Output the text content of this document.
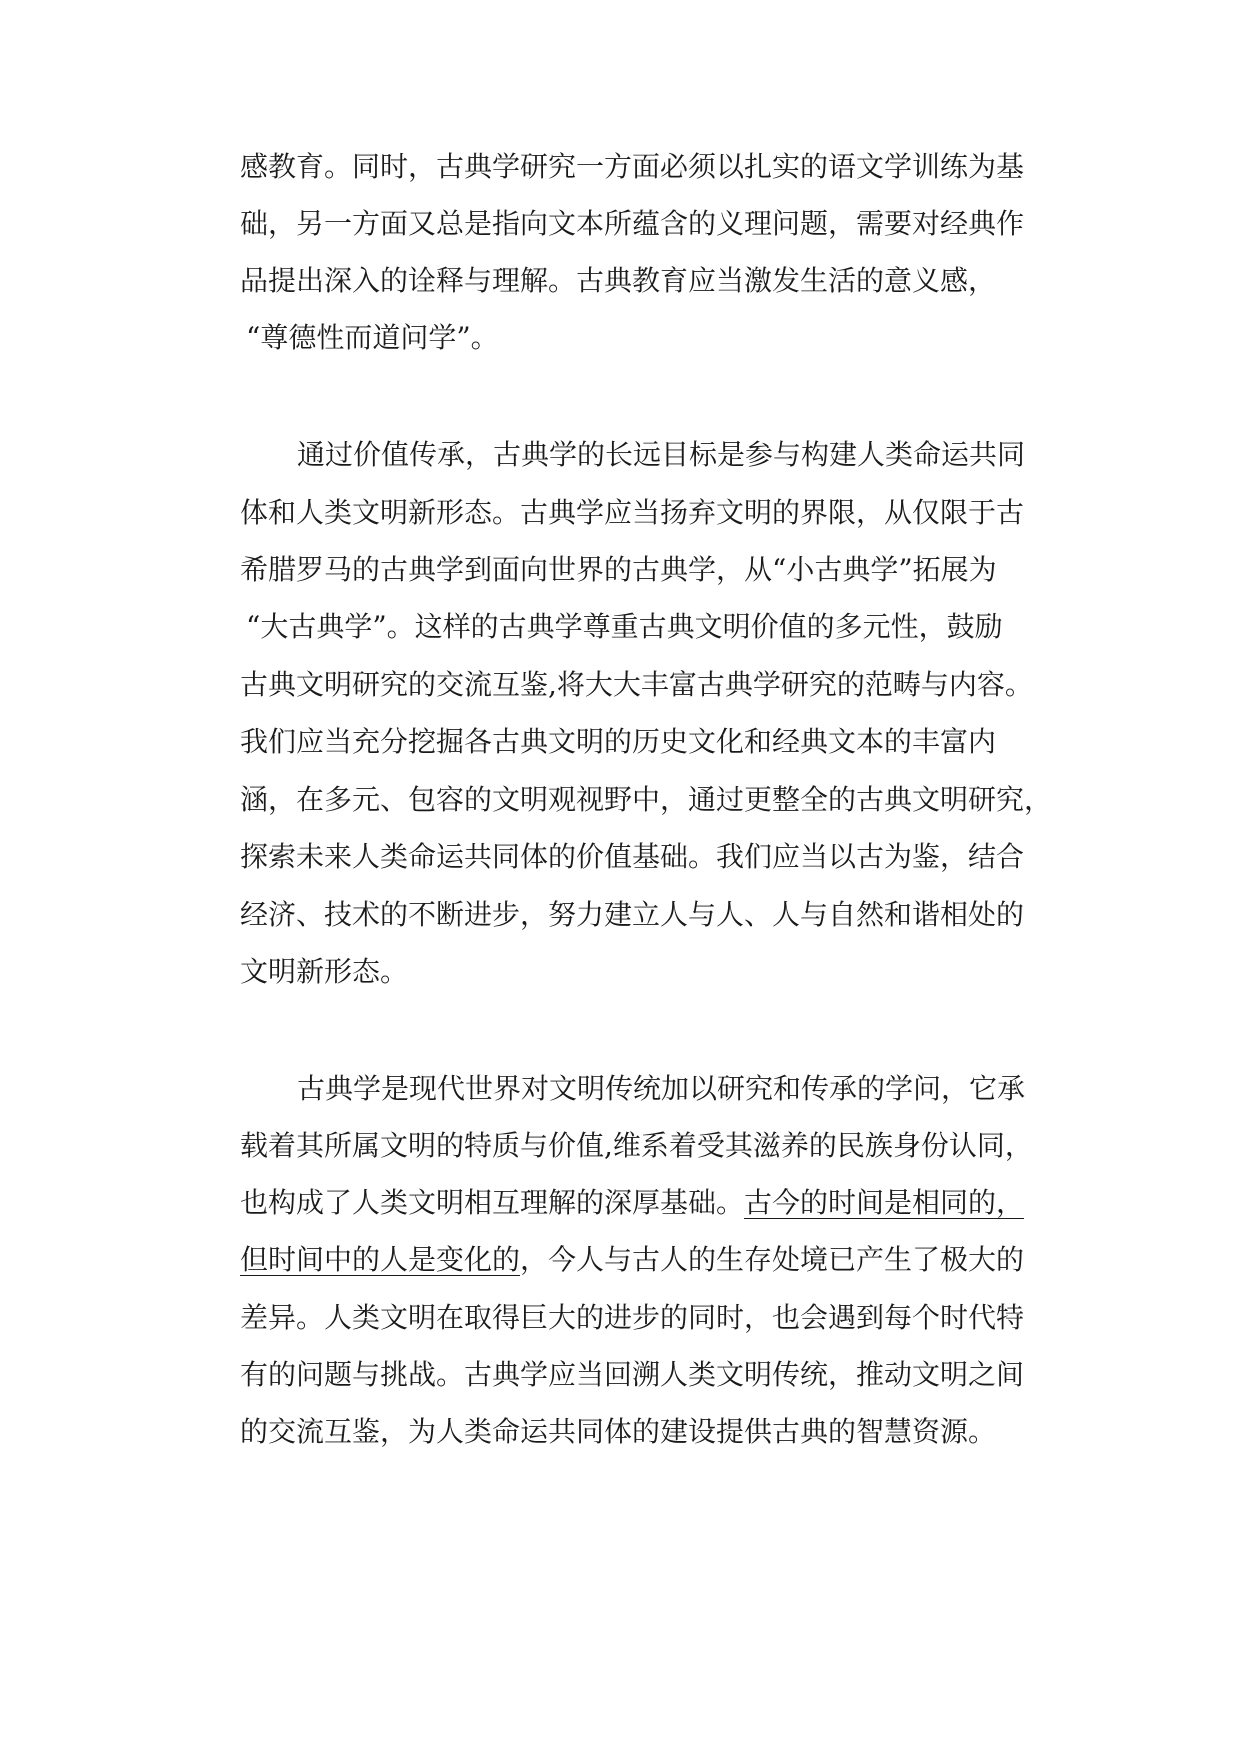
感教育。同时，古典学研究一方面必须以扎实的语文学训练为基
础，另一方面又总是指向文本所蕴含的义理问题，需要对经典作
品提出深入的诠释与理解。古典教育应当激发生活的意义感，
“尊德性而道问学”。
通过价值传承，古典学的长远目标是参与构建人类命运共同
体和人类文明新形态。古典学应当扬弃文明的界限，从仅限于古
希腊罗马的古典学到面向世界的古典学，从“小古典学”拓展为
“大古典学”。这样的古典学尊重古典文明价值的多元性，鼓励
古典文明研究的交流互鉴,将大大丰富古典学研究的范畴与内容。
我们应当充分挖掘各古典文明的历史文化和经典文本的丰富内
涵，在多元、包容的文明观视野中，通过更整全的古典文明研究，
探索未来人类命运共同体的价值基础。我们应当以古为鉴，结合
经济、技术的不断进步，努力建立人与人、人与自然和谐相处的
文明新形态。
古典学是现代世界对文明传统加以研究和传承的学问，它承
载着其所属文明的特质与价值,维系着受其滋养的民族身份认同，
也构成了人类文明相互理解的深厚基础。古今的时间是相同的，
但时间中的人是变化的，今人与古人的生存处境已产生了极大的
差异。人类文明在取得巨大的进步的同时，也会遇到每个时代特
有的问题与挑战。古典学应当回溯人类文明传统，推动文明之间
的交流互鉴，为人类命运共同体的建设提供古典的智慧资源。
